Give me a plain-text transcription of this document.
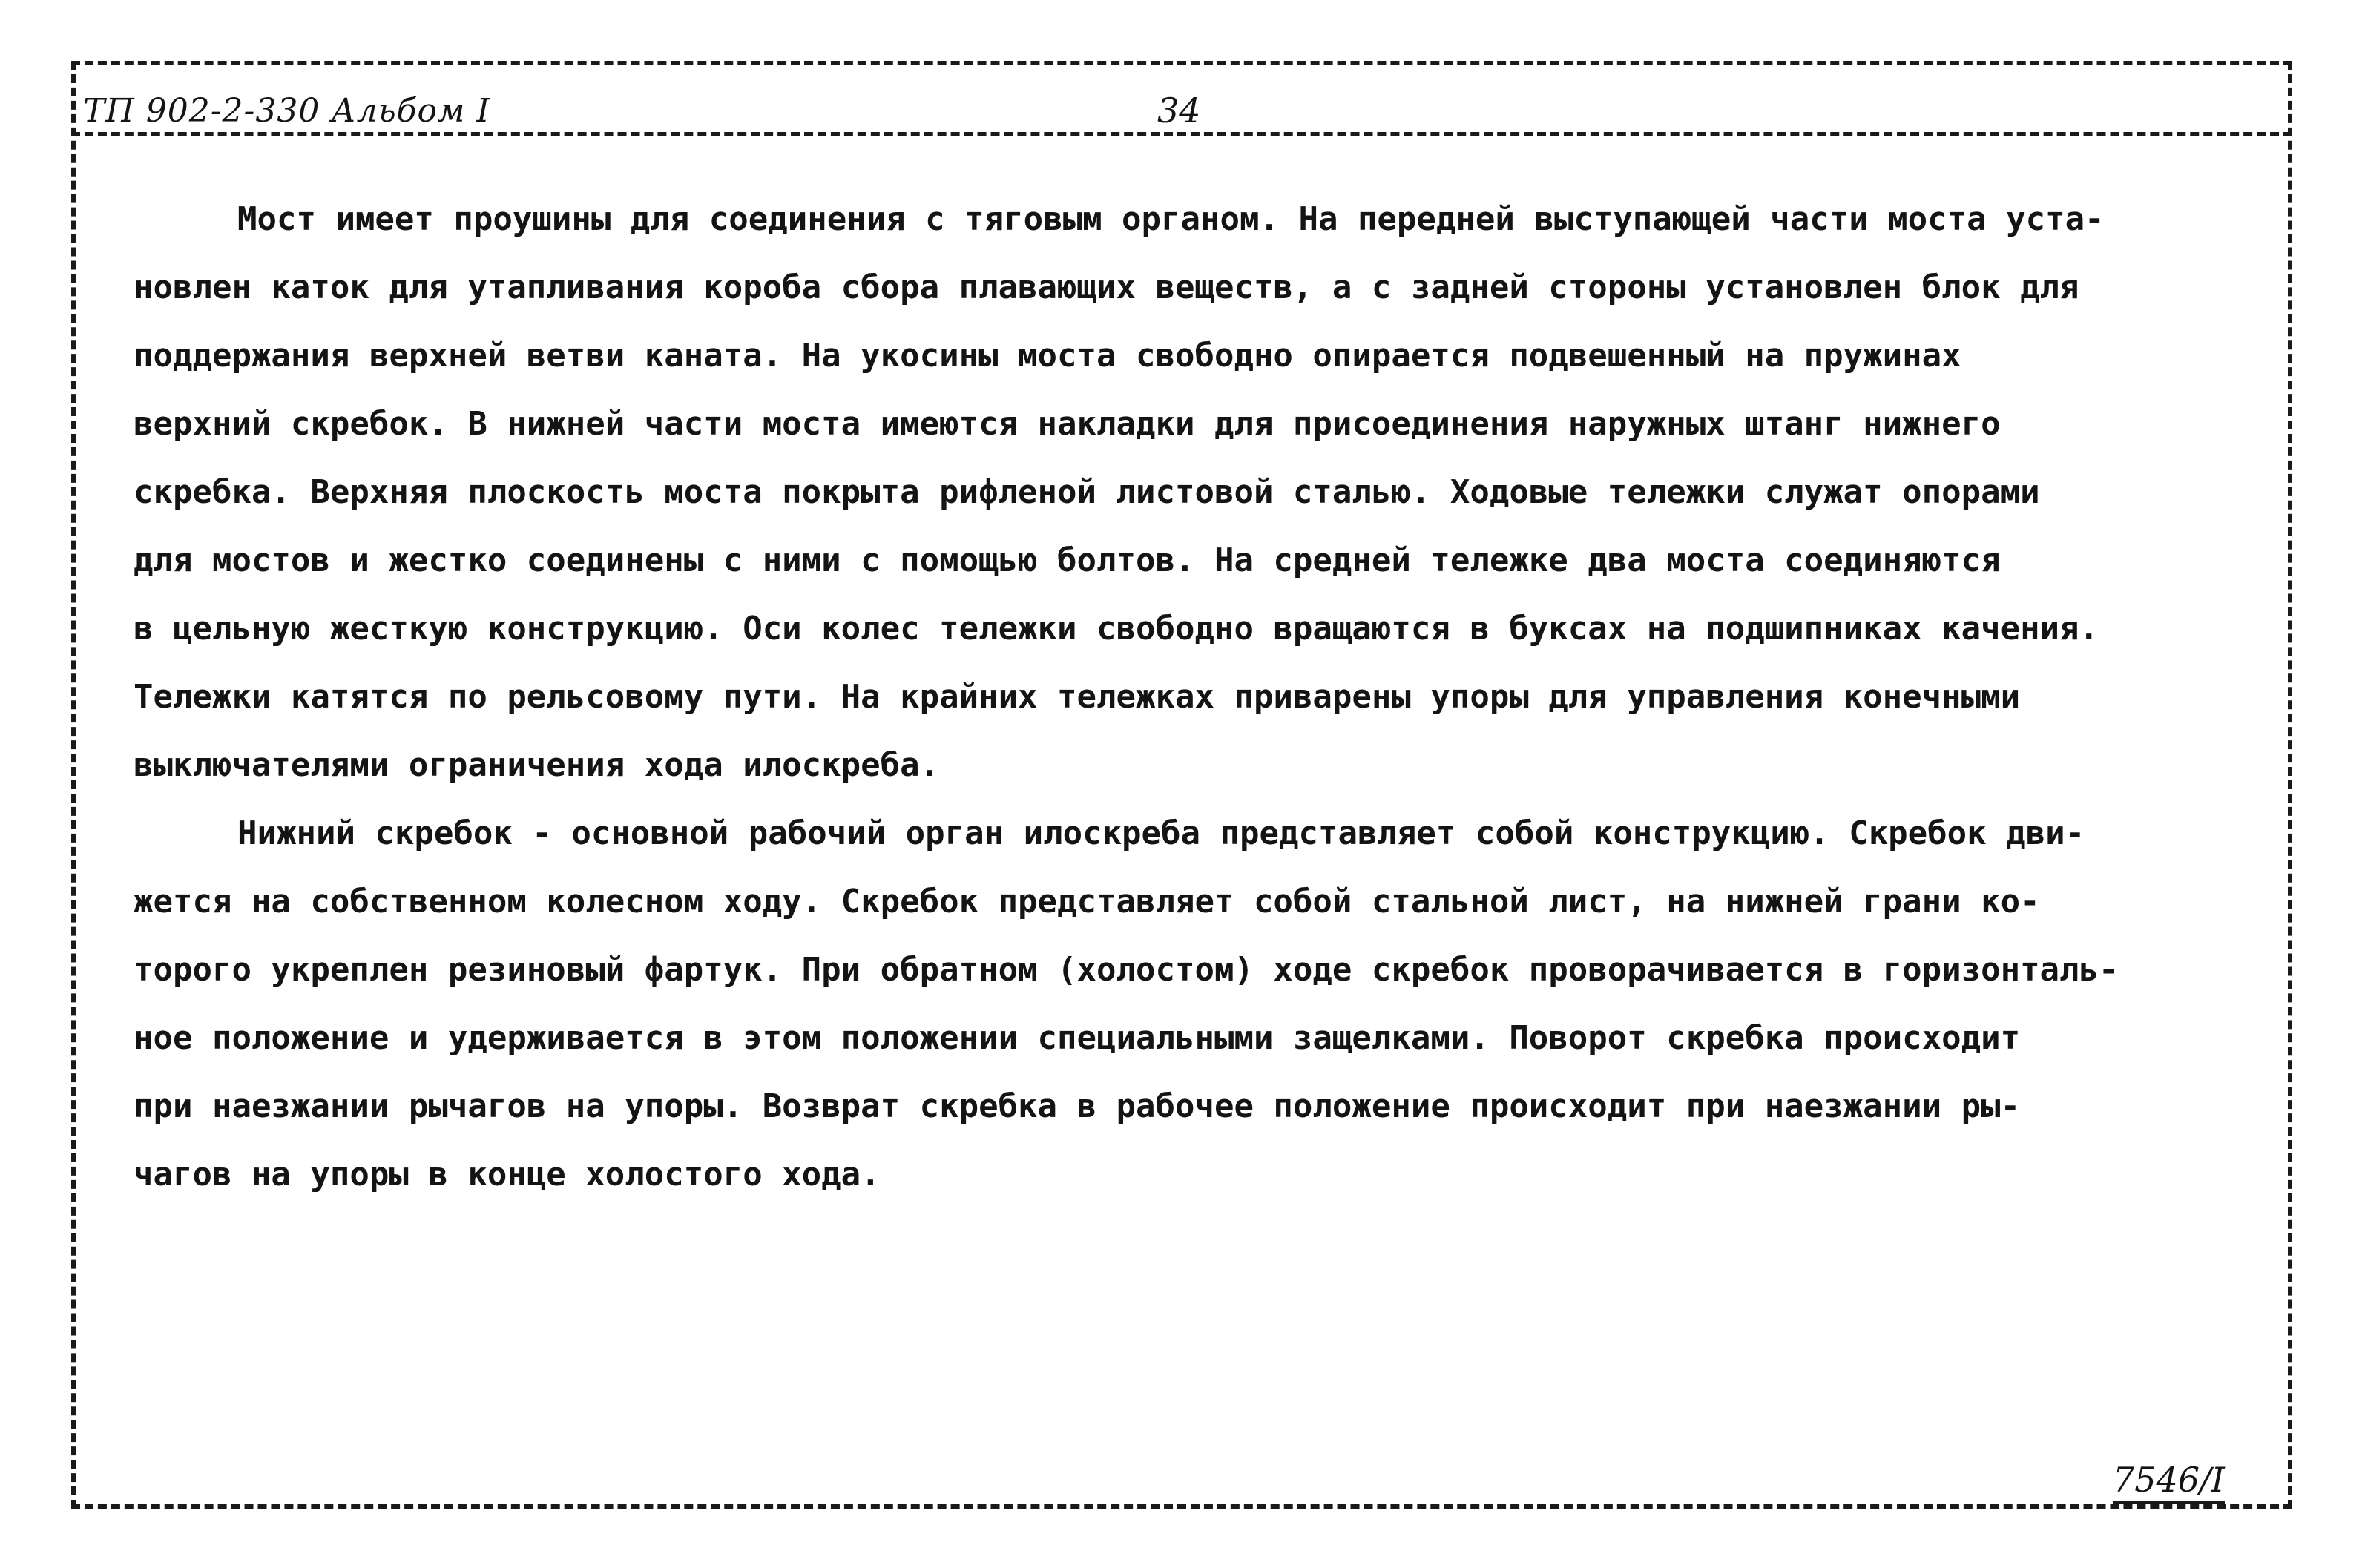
ТП 902-2-330 Альбом I	34
Мост имеет проушины для соединения с тяговым органом. На передней выступающей части моста уста-
новлен каток для утапливания короба сбора плавающих веществ, а с задней стороны установлен блок для
поддержания верхней ветви каната. На укосины моста свободно опирается подвешенный на пружинах
верхний скребок. В нижней части моста имеются накладки для присоединения наружных штанг нижнего
скребка. Верхняя плоскость моста покрыта рифленой листовой сталью. Ходовые тележки служат опорами
для мостов и жестко соединены с ними с помощью болтов. На средней тележке два моста соединяются
в цельную жесткую конструкцию. Оси колес тележки свободно вращаются в буксах на подшипниках качения.
Тележки катятся по рельсовому пути. На крайних тележках приварены упоры для управления конечными
выключателями ограничения хода илоскреба.
Нижний скребок - основной рабочий орган илоскреба представляет собой конструкцию. Скребок дви-
жется на собственном колесном ходу. Скребок представляет собой стальной лист, на нижней грани ко-
торого укреплен резиновый фартук. При обратном (холостом) ходе скребок проворачивается в горизонталь-
ное положение и удерживается в этом положении специальными защелками. Поворот скребка происходит
при наезжании рычагов на упоры. Возврат скребка в рабочее положение происходит при наезжании ры-
чагов на упоры в конце холостого хода.
7546/I
